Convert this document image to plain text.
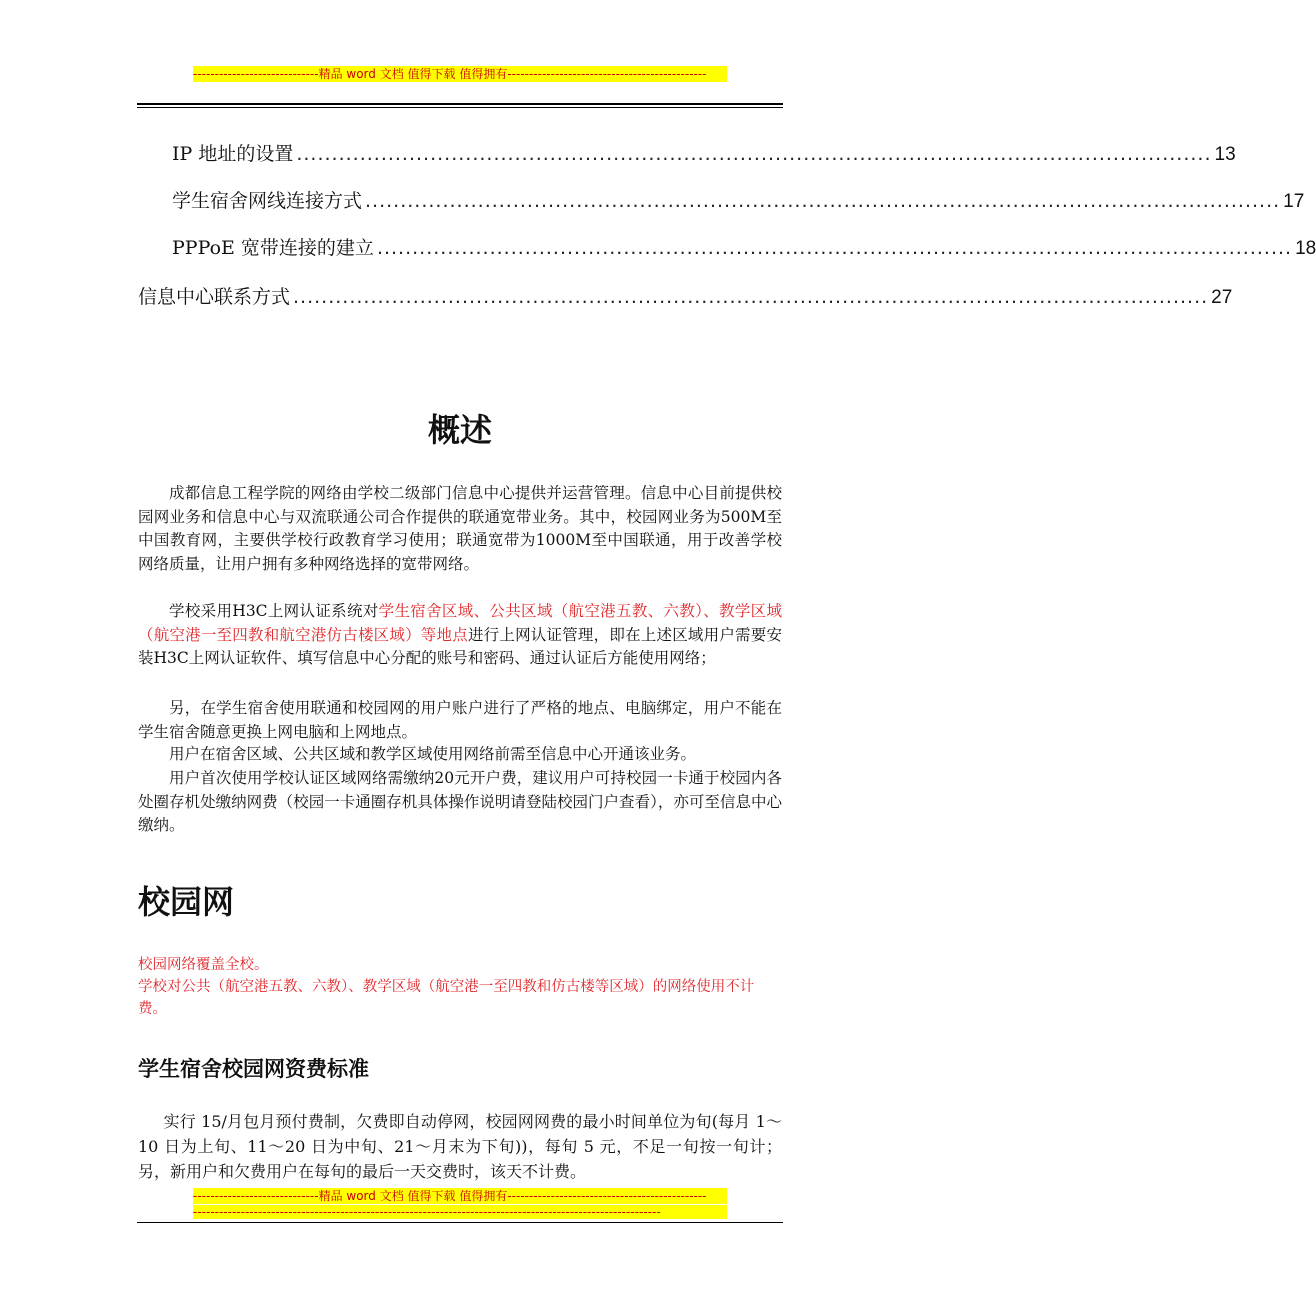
-----------------------------精品 word 文档 值得下载 值得拥有----------------------------------------------
IP 地址的设置 .................................................................................................................................. 13
学生宿舍网线连接方式 .................................................................................................................................. 17
PPPoE 宽带连接的建立 .................................................................................................................................. 18
信息中心联系方式 .................................................................................................................................. 27
概述

成都信息工程学院的网络由学校二级部门信息中心提供并运营管理。信息中心目前提供校园网业务和信息中心与双流联通公司合作提供的联通宽带业务。其中，校园网业务为500M至中国教育网，主要供学校行政教育学习使用；联通宽带为1000M至中国联通，用于改善学校网络质量，让用户拥有多种网络选择的宽带网络。

学校采用H3C上网认证系统对学生宿舍区域、公共区域（航空港五教、六教）、教学区域（航空港一至四教和航空港仿古楼区域）等地点进行上网认证管理，即在上述区域用户需要安装H3C上网认证软件、填写信息中心分配的账号和密码、通过认证后方能使用网络；

另，在学生宿舍使用联通和校园网的用户账户进行了严格的地点、电脑绑定，用户不能在学生宿舍随意更换上网电脑和上网地点。

用户在宿舍区域、公共区域和教学区域使用网络前需至信息中心开通该业务。

用户首次使用学校认证区域网络需缴纳20元开户费，建议用户可持校园一卡通于校园内各处圈存机处缴纳网费（校园一卡通圈存机具体操作说明请登陆校园门户查看），亦可至信息中心缴纳。

校园网

校园网络覆盖全校。

学校对公共（航空港五教、六教）、教学区域（航空港一至四教和仿古楼等区域）的网络使用不计费。

学生宿舍校园网资费标准

实行 15/月包月预付费制，欠费即自动停网，校园网网费的最小时间单位为旬(每月 1～10 日为上旬、11～20 日为中旬、21～月末为下旬))，每旬 5 元，不足一旬按一旬计；另，新用户和欠费用户在每旬的最后一天交费时，该天不计费。

-----------------------------精品 word 文档 值得下载 值得拥有----------------------------------------------
------------------------------------------------------------------------------------------------------------
